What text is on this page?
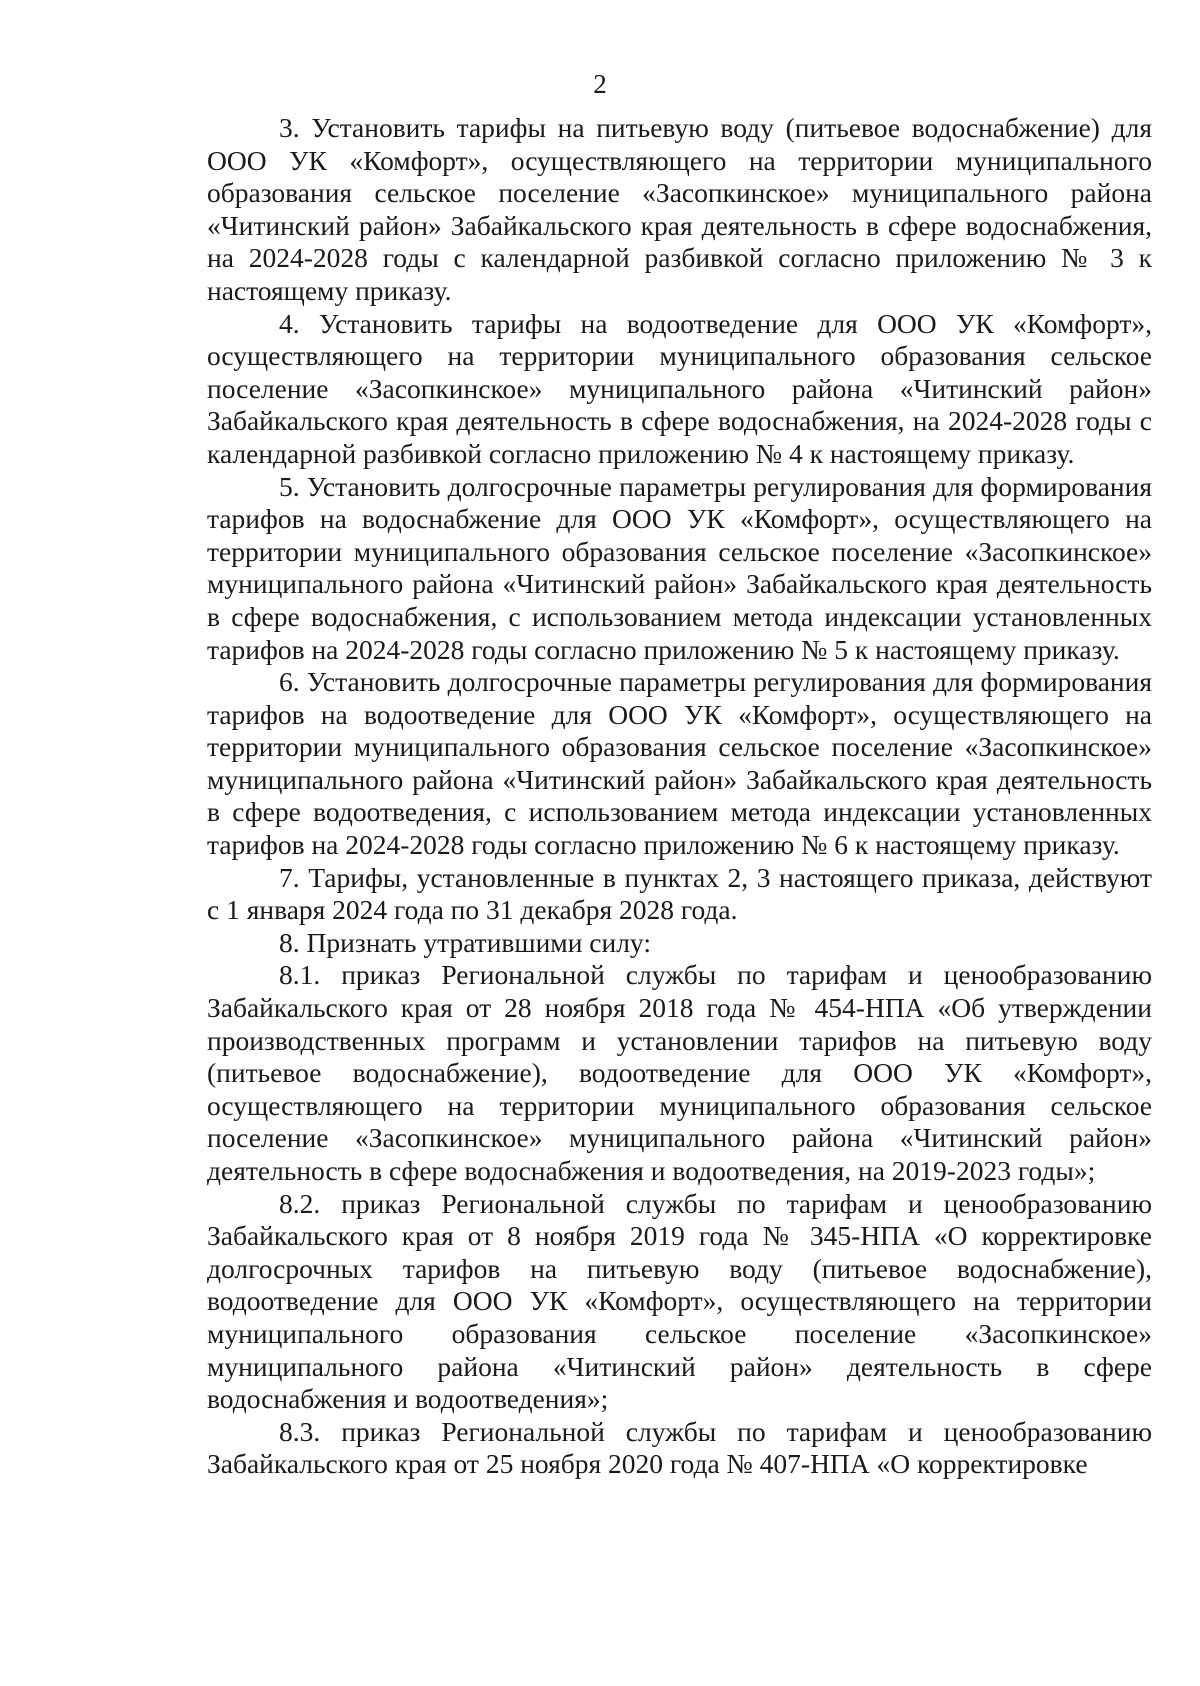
2

3. Установить тарифы на питьевую воду (питьевое водоснабжение) для ООО УК «Комфорт», осуществляющего на территории муниципального образования сельское поселение «Засопкинское» муниципального района «Читинский район» Забайкальского края деятельность в сфере водоснабжения, на 2024-2028 годы с календарной разбивкой согласно приложению № 3 к настоящему приказу.

4. Установить тарифы на водоотведение для ООО УК «Комфорт», осуществляющего на территории муниципального образования сельское поселение «Засопкинское» муниципального района «Читинский район» Забайкальского края деятельность в сфере водоснабжения, на 2024-2028 годы с календарной разбивкой согласно приложению № 4 к настоящему приказу.

5. Установить долгосрочные параметры регулирования для формирования тарифов на водоснабжение для ООО УК «Комфорт», осуществляющего на территории муниципального образования сельское поселение «Засопкинское» муниципального района «Читинский район» Забайкальского края деятельность в сфере водоснабжения, с использованием метода индексации установленных тарифов на 2024-2028 годы согласно приложению № 5 к настоящему приказу.

6. Установить долгосрочные параметры регулирования для формирования тарифов на водоотведение для ООО УК «Комфорт», осуществляющего на территории муниципального образования сельское поселение «Засопкинское» муниципального района «Читинский район» Забайкальского края деятельность в сфере водоотведения, с использованием метода индексации установленных тарифов на 2024-2028 годы согласно приложению № 6 к настоящему приказу.

7. Тарифы, установленные в пунктах 2, 3 настоящего приказа, действуют с 1 января 2024 года по 31 декабря 2028 года.

8. Признать утратившими силу:

8.1. приказ Региональной службы по тарифам и ценообразованию Забайкальского края от 28 ноября 2018 года № 454-НПА «Об утверждении производственных программ и установлении тарифов на питьевую воду (питьевое водоснабжение), водоотведение для ООО УК «Комфорт», осуществляющего на территории муниципального образования сельское поселение «Засопкинское» муниципального района «Читинский район» деятельность в сфере водоснабжения и водоотведения, на 2019-2023 годы»;

8.2. приказ Региональной службы по тарифам и ценообразованию Забайкальского края от 8 ноября 2019 года № 345-НПА «О корректировке долгосрочных тарифов на питьевую воду (питьевое водоснабжение), водоотведение для ООО УК «Комфорт», осуществляющего на территории муниципального образования сельское поселение «Засопкинское» муниципального района «Читинский район» деятельность в сфере водоснабжения и водоотведения»;

8.3. приказ Региональной службы по тарифам и ценообразованию Забайкальского края от 25 ноября 2020 года № 407-НПА «О корректировке
